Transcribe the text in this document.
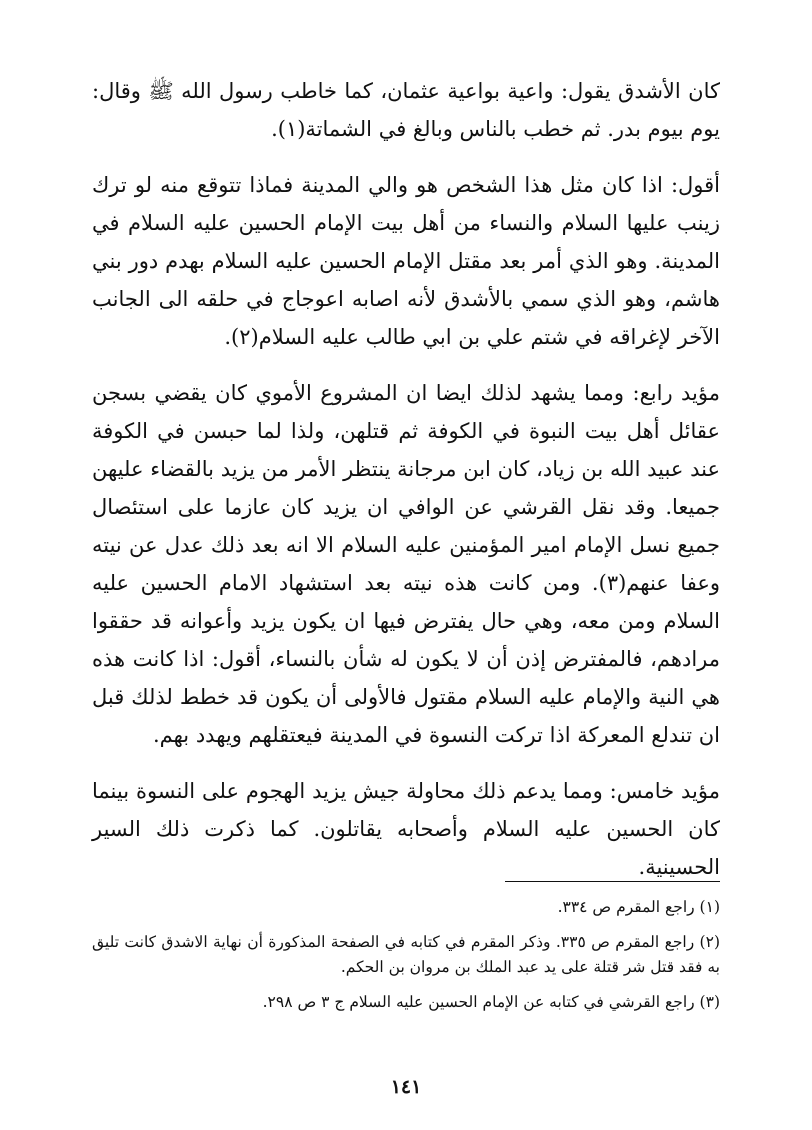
كان الأشدق يقول: واعية بواعية عثمان، كما خاطب رسول الله ﷺ وقال: يوم بيوم بدر. ثم خطب بالناس وبالغ في الشماتة(١).

أقول: اذا كان مثل هذا الشخص هو والي المدينة فماذا تتوقع منه لو ترك زينب عليها السلام والنساء من أهل بيت الإمام الحسين عليه السلام في المدينة. وهو الذي أمر بعد مقتل الإمام الحسين عليه السلام بهدم دور بني هاشم، وهو الذي سمي بالأشدق لأنه اصابه اعوجاج في حلقه الى الجانب الآخر لإغراقه في شتم علي بن ابي طالب عليه السلام(٢).

مؤيد رابع: ومما يشهد لذلك ايضا ان المشروع الأموي كان يقضي بسجن عقائل أهل بيت النبوة في الكوفة ثم قتلهن، ولذا لما حبسن في الكوفة عند عبيد الله بن زياد، كان ابن مرجانة ينتظر الأمر من يزيد بالقضاء عليهن جميعا. وقد نقل القرشي عن الوافي ان يزيد كان عازما على استئصال جميع نسل الإمام امير المؤمنين عليه السلام الا انه بعد ذلك عدل عن نيته وعفا عنهم(٣). ومن كانت هذه نيته بعد استشهاد الامام الحسين عليه السلام ومن معه، وهي حال يفترض فيها ان يكون يزيد وأعوانه قد حققوا مرادهم، فالمفترض إذن أن لا يكون له شأن بالنساء، أقول: اذا كانت هذه هي النية والإمام عليه السلام مقتول فالأولى أن يكون قد خطط لذلك قبل ان تندلع المعركة اذا تركت النسوة في المدينة فيعتقلهم ويهدد بهم.

مؤيد خامس: ومما يدعم ذلك محاولة جيش يزيد الهجوم على النسوة بينما كان الحسين عليه السلام وأصحابه يقاتلون. كما ذكرت ذلك السير الحسينية.

(١) راجع المقرم ص ٣٣٤.

(٢) راجع المقرم ص ٣٣٥. وذكر المقرم في كتابه في الصفحة المذكورة أن نهاية الاشدق كانت تليق به فقد قتل شر قتلة على يد عبد الملك بن مروان بن الحكم.

(٣) راجع القرشي في كتابه عن الإمام الحسين عليه السلام ج ٣ ص ٢٩٨.

١٤١
